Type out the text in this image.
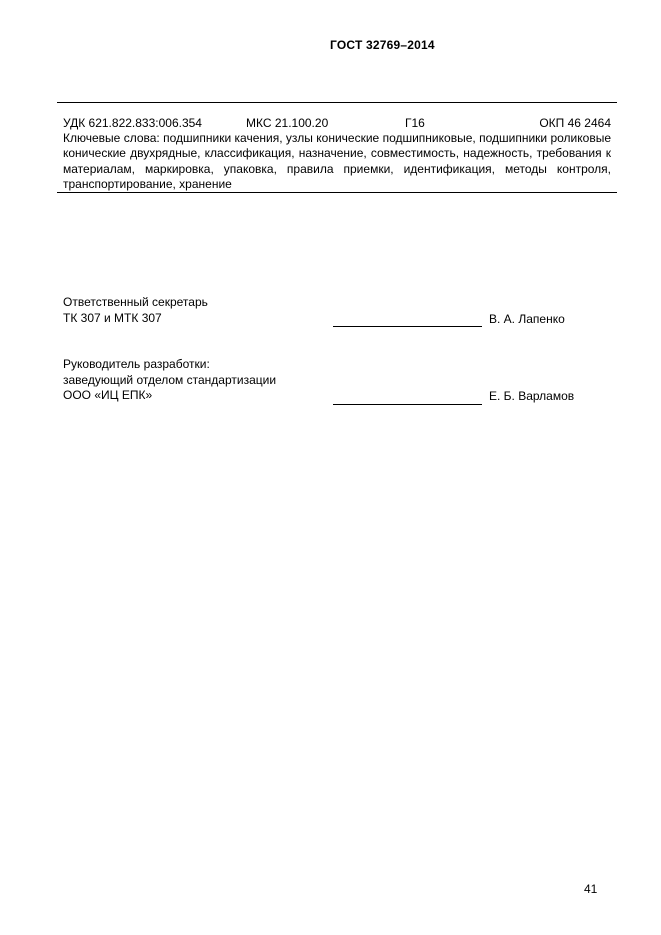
ГОСТ 32769–2014
УДК 621.822.833:006.354	МКС 21.100.20	Г16	ОКП 46 2464
Ключевые слова: подшипники качения, узлы конические подшипниковые, подшипники роликовые конические двухрядные, классификация, назначение, совместимость, надежность, требования к материалам, маркировка, упаковка, правила приемки, идентификация, методы контроля, транспортирование, хранение
Ответственный секретарь
ТК 307 и МТК 307	В. А. Лапенко
Руководитель разработки:
заведующий отделом стандартизации
ООО «ИЦ ЕПК»	Е. Б. Варламов
41
